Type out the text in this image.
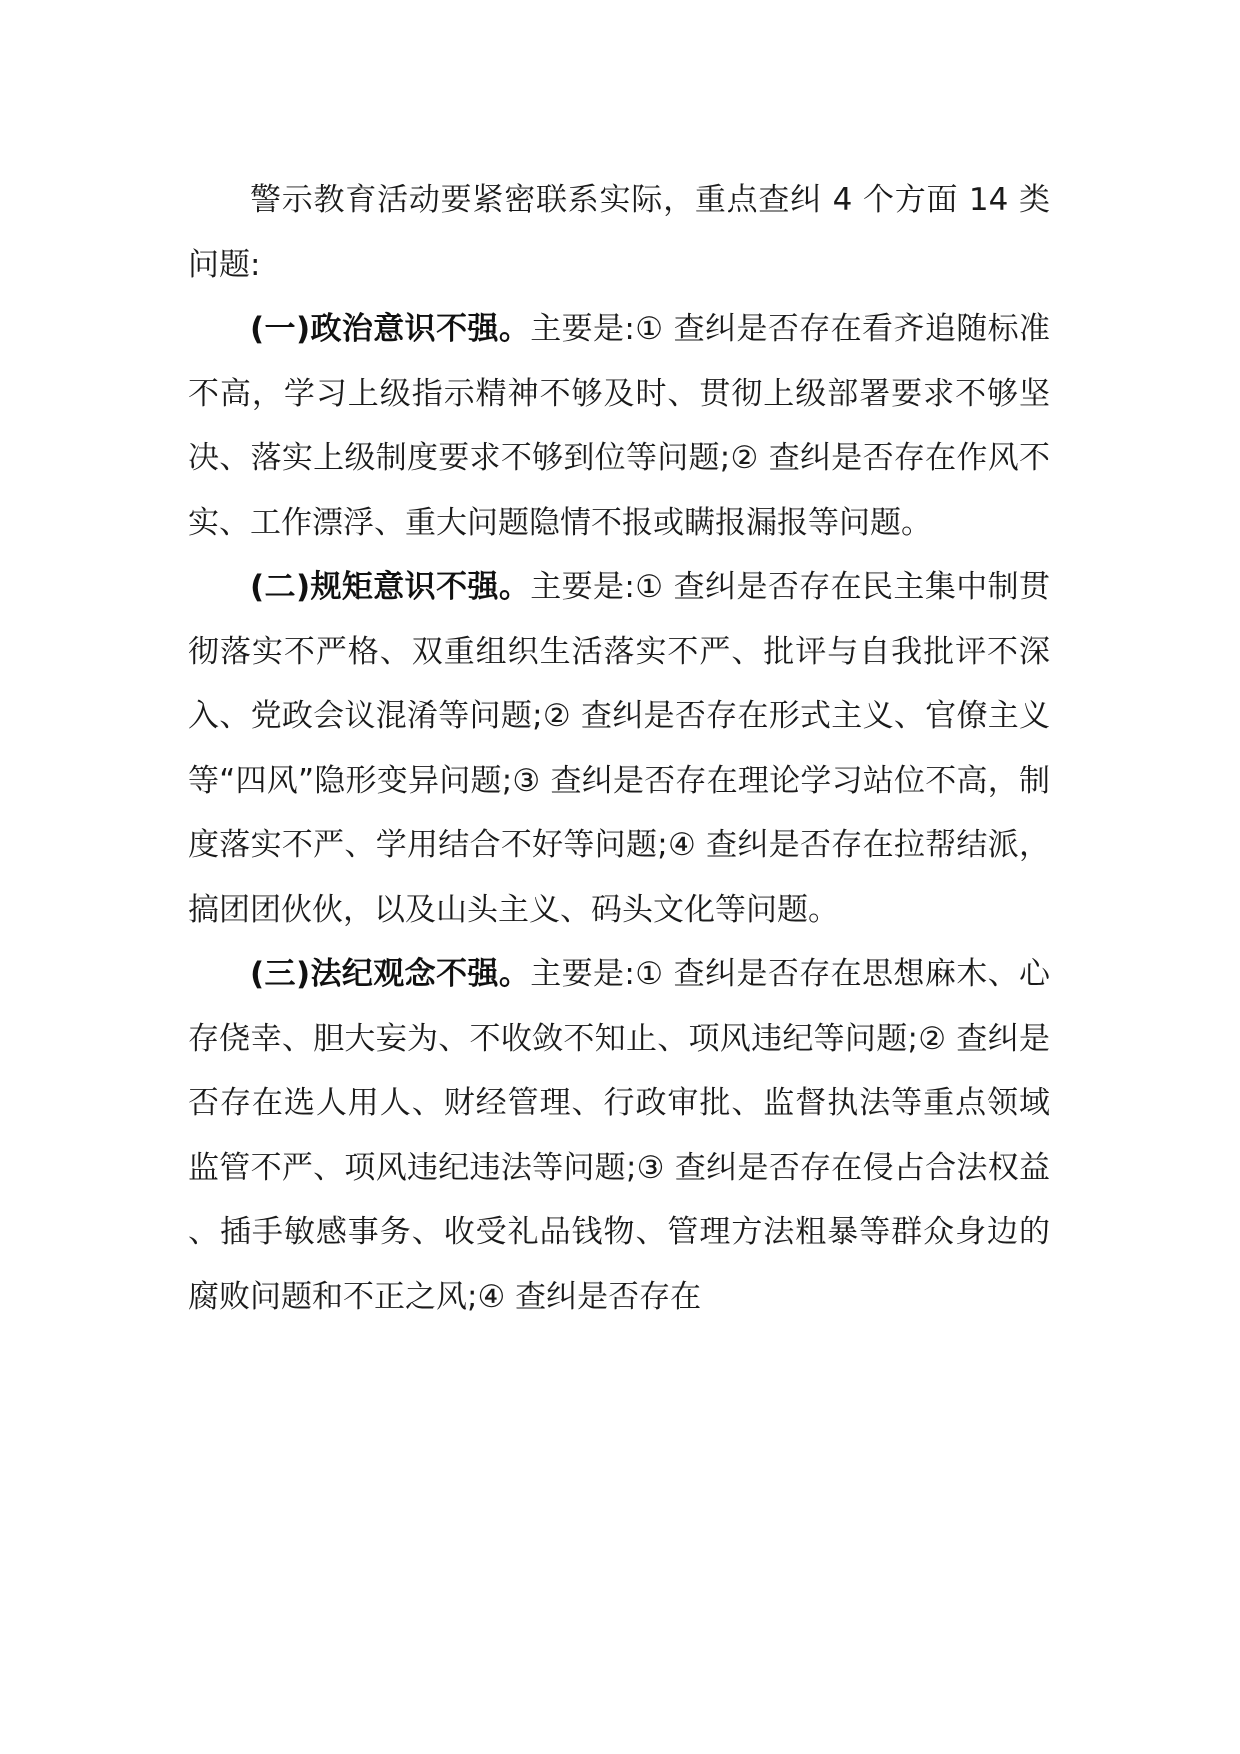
警示教育活动要紧密联系实际，重点查纠 4 个方面 14 类问题:

(一)政治意识不强。主要是:① 查纠是否存在看齐追随标准不高，学习上级指示精神不够及时、贯彻上级部署要求不够坚决、落实上级制度要求不够到位等问题;② 查纠是否存在作风不实、工作漂浮、重大问题隐情不报或瞒报漏报等问题。

(二)规矩意识不强。主要是:① 查纠是否存在民主集中制贯彻落实不严格、双重组织生活落实不严、批评与自我批评不深入、党政会议混淆等问题;② 查纠是否存在形式主义、官僚主义等“四风”隐形变异问题;③ 查纠是否存在理论学习站位不高，制度落实不严、学用结合不好等问题;④ 查纠是否存在拉帮结派，搞团团伙伙，以及山头主义、码头文化等问题。

(三)法纪观念不强。主要是:① 查纠是否存在思想麻木、心存侥幸、胆大妄为、不收敛不知止、项风违纪等问题;② 查纠是否存在选人用人、财经管理、行政审批、监督执法等重点领域监管不严、项风违纪违法等问题;③ 查纠是否存在侵占合法权益、插手敏感事务、收受礼品钱物、管理方法粗暴等群众身边的腐败问题和不正之风;④ 查纠是否存在
